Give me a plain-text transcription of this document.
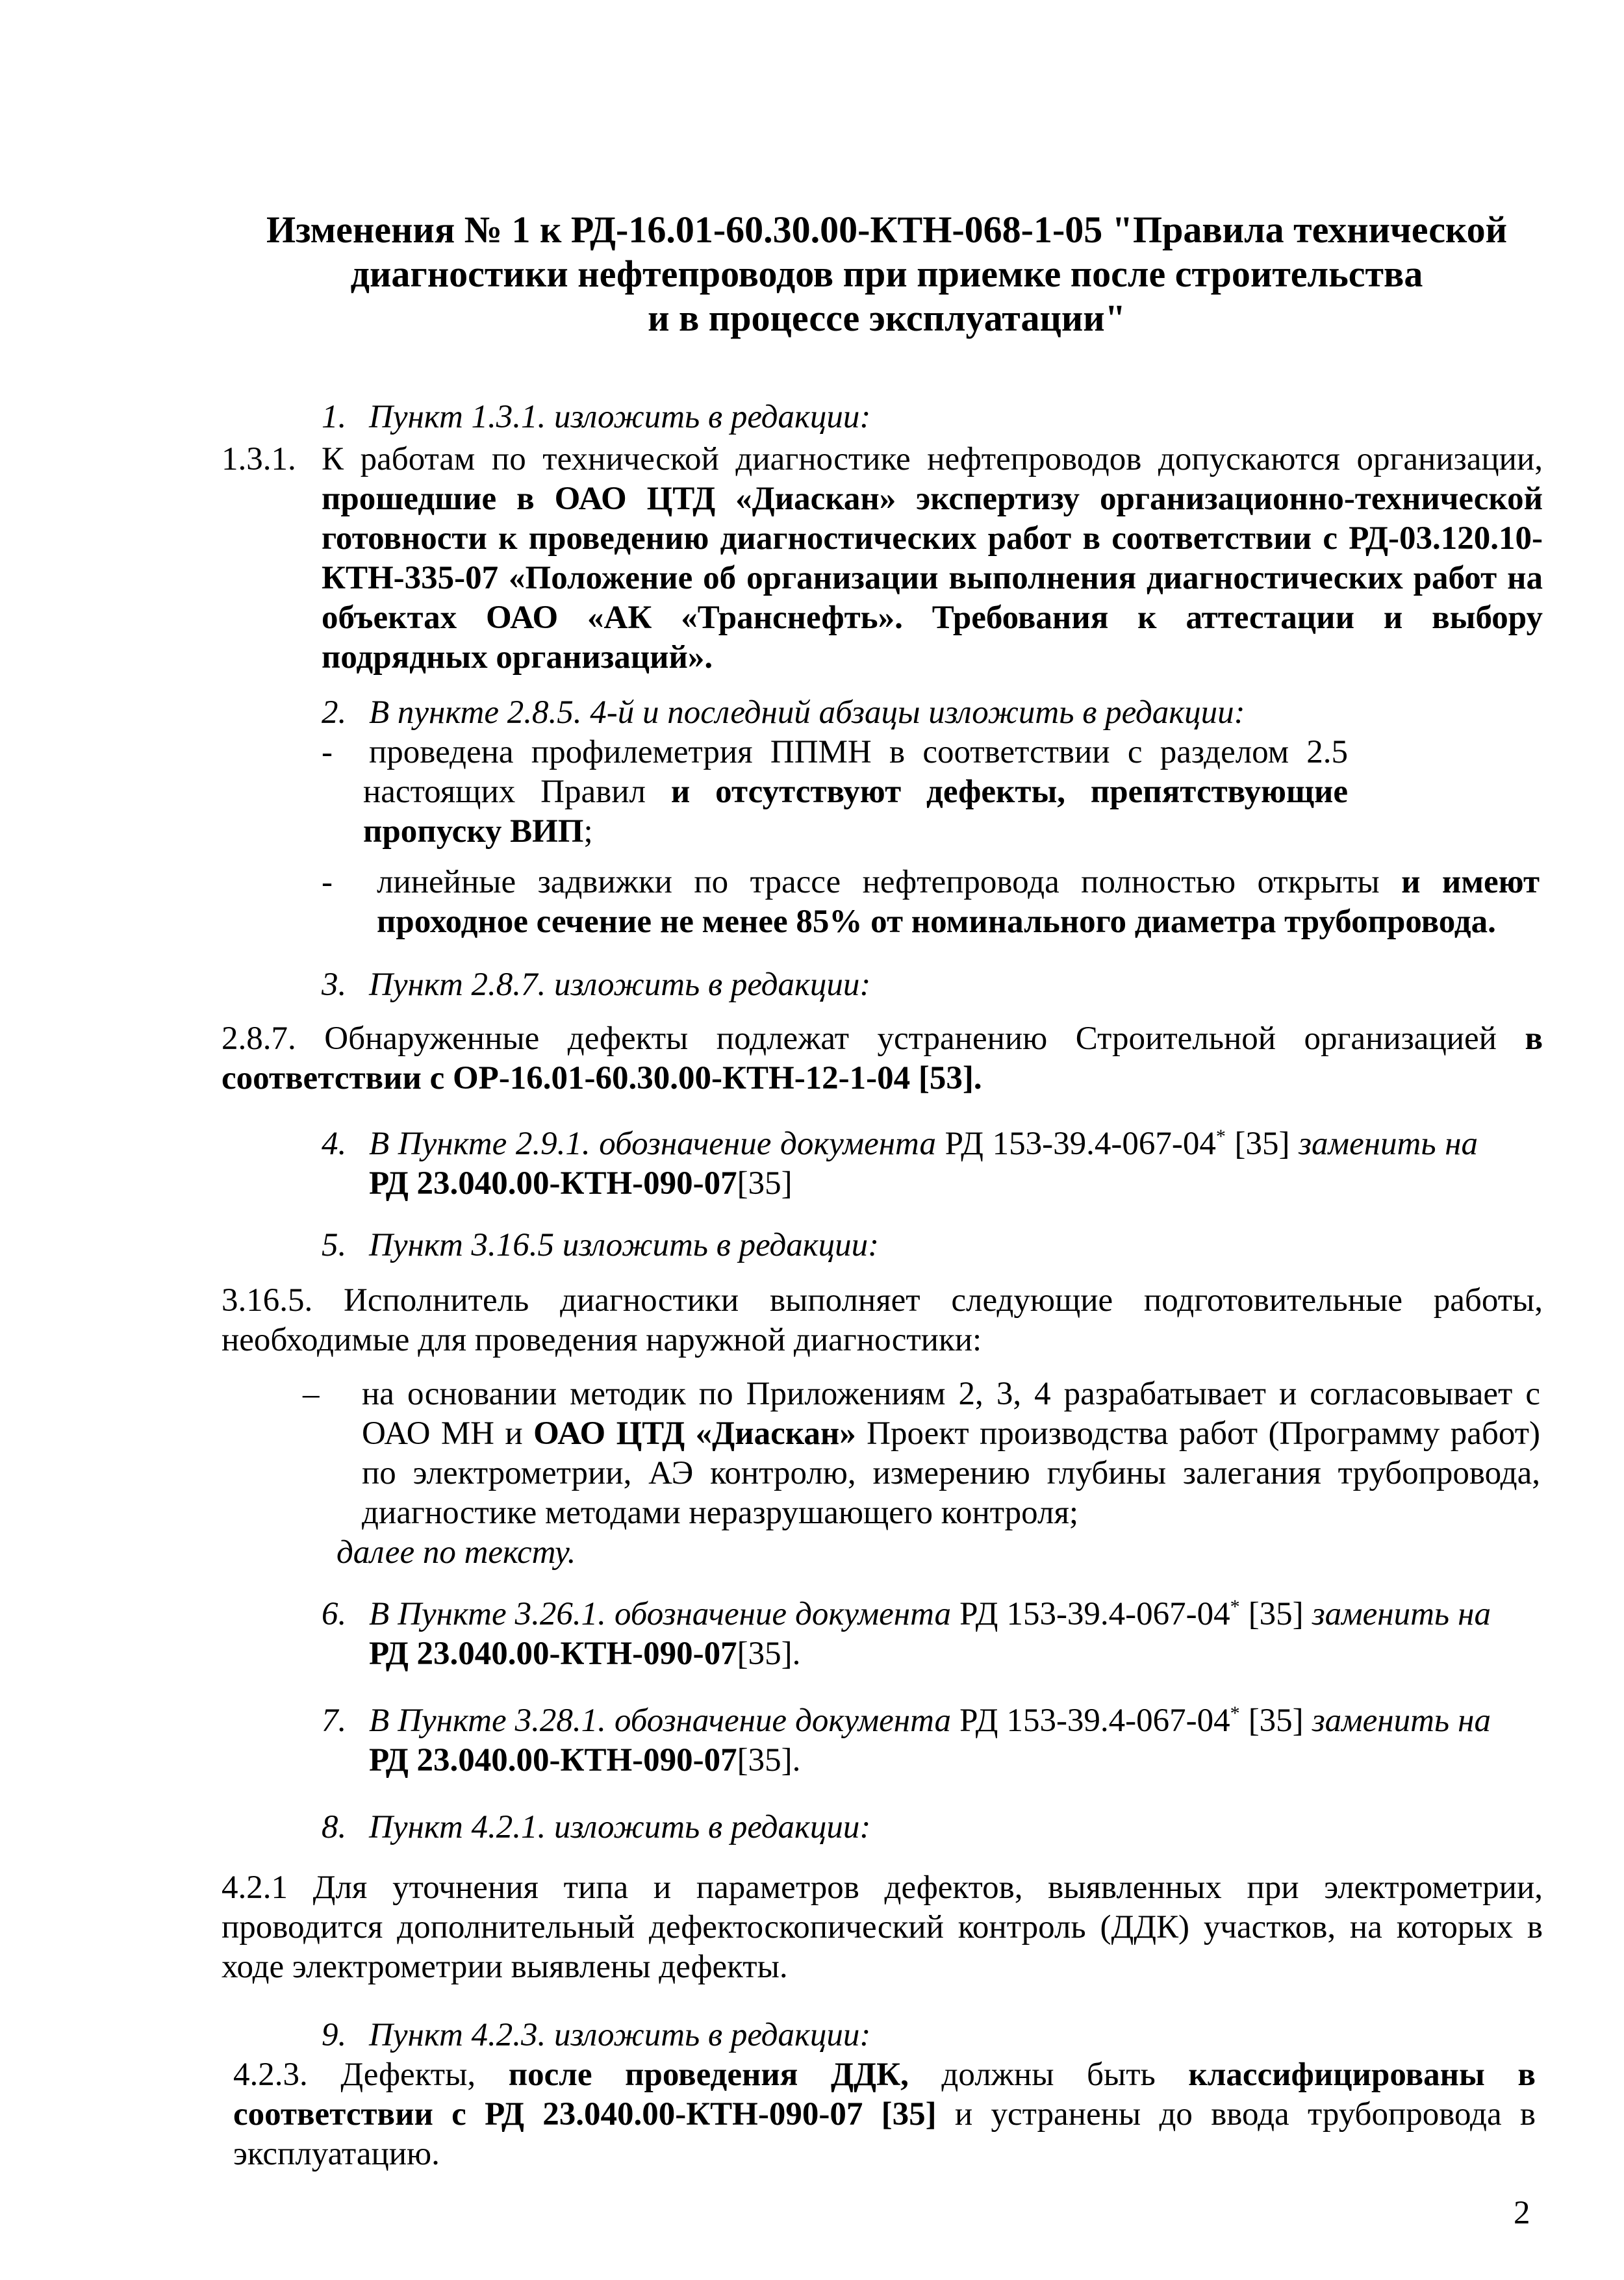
Изменения № 1 к РД-16.01-60.30.00-КТН-068-1-05 "Правила технической
диагностики нефтепроводов при приемке после строительства
и в процессе эксплуатации"
1. Пункт 1.3.1. изложить в редакции:
1.3.1. К работам по технической диагностике нефтепроводов допускаются организации, прошедшие в ОАО ЦТД «Диаскан» экспертизу организационно-технической готовности к проведению диагностических работ в соответствии с РД-03.120.10-КТН-335-07 «Положение об организации выполнения диагностических работ на объектах ОАО «АК «Транснефть». Требования к аттестации и выбору подрядных организаций».
2. В пункте 2.8.5. 4-й и последний абзацы изложить в редакции:
- проведена профилеметрия ППМН в соответствии с разделом 2.5 настоящих Правил и отсутствуют дефекты, препятствующие пропуску ВИП;
- линейные задвижки по трассе нефтепровода полностью открыты и имеют проходное сечение не менее 85% от номинального диаметра трубопровода.
3. Пункт 2.8.7. изложить в редакции:
2.8.7. Обнаруженные дефекты подлежат устранению Строительной организацией в соответствии с ОР-16.01-60.30.00-КТН-12-1-04 [53].
4. В Пункте 2.9.1. обозначение документа РД 153-39.4-067-04* [35] заменить на РД 23.040.00-КТН-090-07[35]
5. Пункт 3.16.5 изложить в редакции:
3.16.5. Исполнитель диагностики выполняет следующие подготовительные работы, необходимые для проведения наружной диагностики:
– на основании методик по Приложениям 2, 3, 4 разрабатывает и согласовывает с ОАО МН и ОАО ЦТД «Диаскан» Проект производства работ (Программу работ) по электрометрии, АЭ контролю, измерению глубины залегания трубопровода, диагностике методами неразрушающего контроля;
далее по тексту.
6. В Пункте 3.26.1. обозначение документа РД 153-39.4-067-04* [35] заменить на РД 23.040.00-КТН-090-07[35].
7. В Пункте 3.28.1. обозначение документа РД 153-39.4-067-04* [35] заменить на РД 23.040.00-КТН-090-07[35].
8. Пункт 4.2.1. изложить в редакции:
4.2.1 Для уточнения типа и параметров дефектов, выявленных при электрометрии, проводится дополнительный дефектоскопический контроль (ДДК) участков, на которых в ходе электрометрии выявлены дефекты.
9. Пункт 4.2.3. изложить в редакции:
4.2.3. Дефекты, после проведения ДДК, должны быть классифицированы в соответствии с РД 23.040.00-КТН-090-07 [35] и устранены до ввода трубопровода в эксплуатацию.
2
